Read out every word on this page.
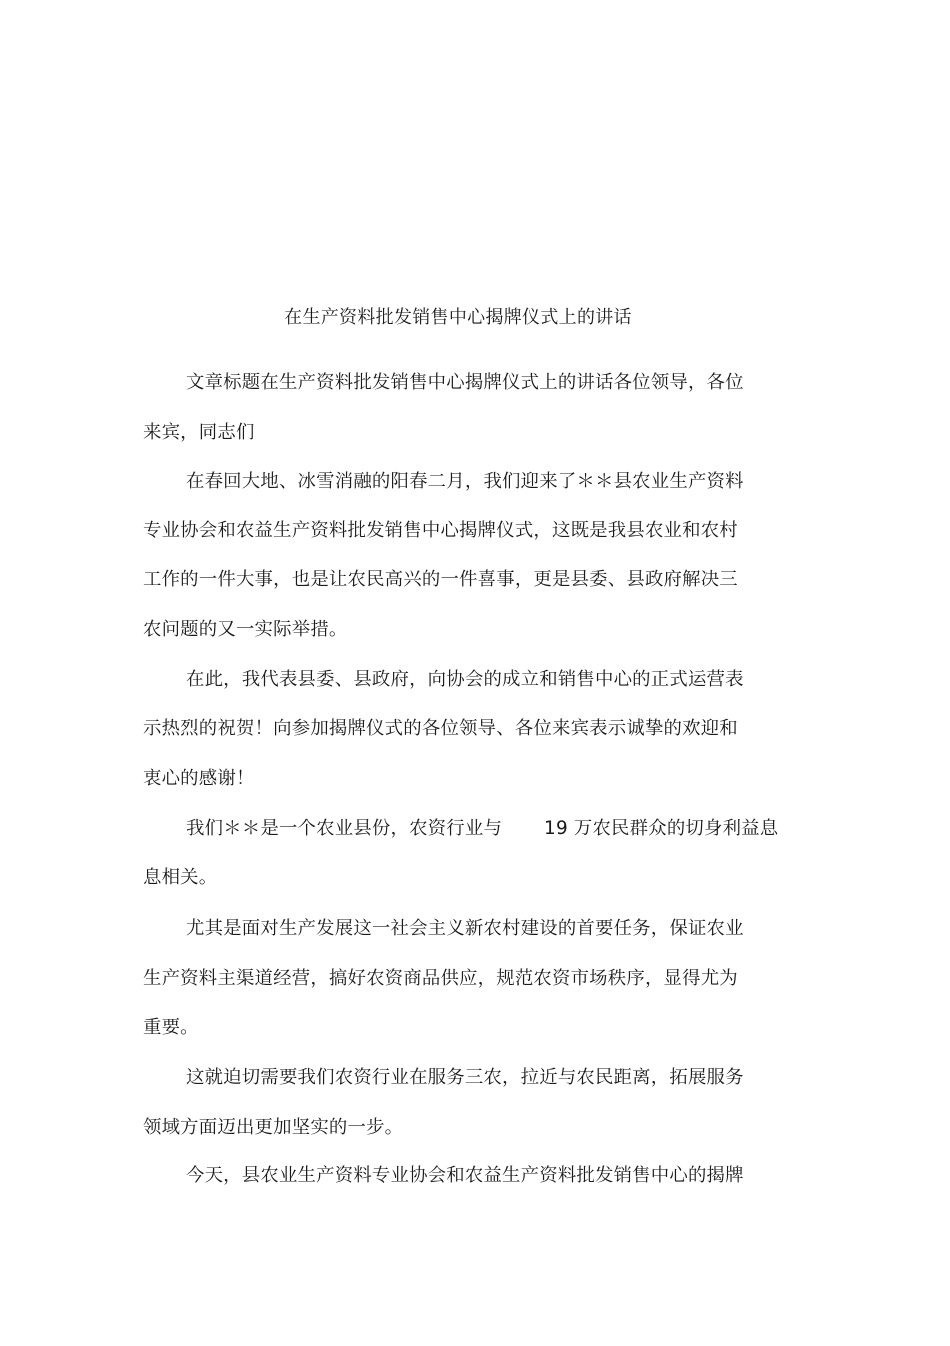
在生产资料批发销售中心揭牌仪式上的讲话
文章标题在生产资料批发销售中心揭牌仪式上的讲话各位领导，各位
来宾，同志们
在春回大地、冰雪消融的阳春二月，我们迎来了＊＊县农业生产资料
专业协会和农益生产资料批发销售中心揭牌仪式，这既是我县农业和农村
工作的一件大事，也是让农民高兴的一件喜事，更是县委、县政府解决三
农问题的又一实际举措。
在此，我代表县委、县政府，向协会的成立和销售中心的正式运营表
示热烈的祝贺！向参加揭牌仪式的各位领导、各位来宾表示诚挚的欢迎和
衷心的感谢！
我们＊＊是一个农业县份，农资行业与 19 万农民群众的切身利益息
息相关。
尤其是面对生产发展这一社会主义新农村建设的首要任务，保证农业
生产资料主渠道经营，搞好农资商品供应，规范农资市场秩序，显得尤为
重要。
这就迫切需要我们农资行业在服务三农，拉近与农民距离，拓展服务
领域方面迈出更加坚实的一步。
今天，县农业生产资料专业协会和农益生产资料批发销售中心的揭牌
